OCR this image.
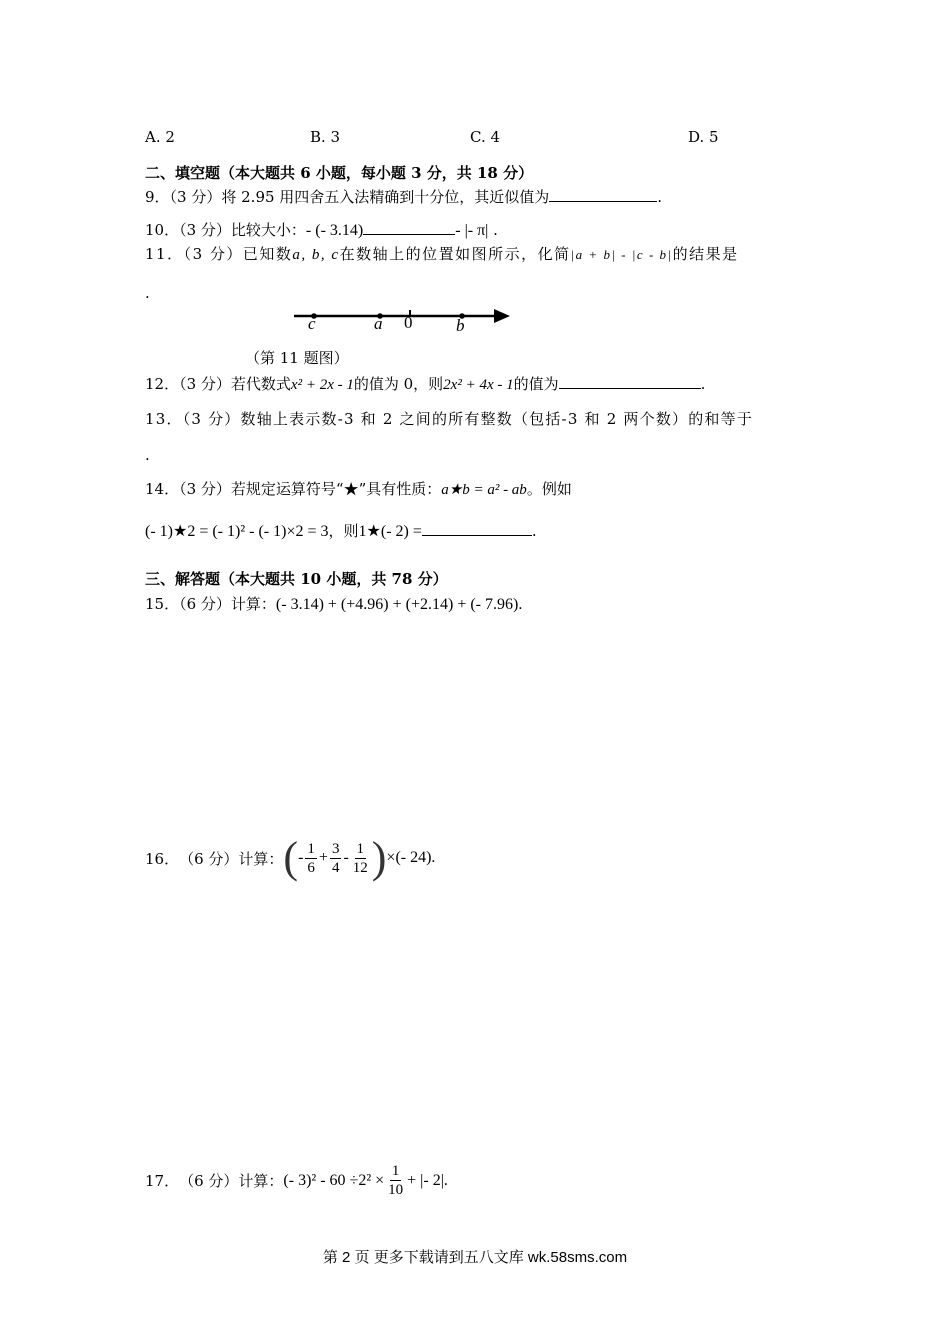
A. 2	B. 3	C. 4	D. 5
二、填空题（本大题共 6 小题，每小题 3 分，共 18 分）
9．（3 分）将 2.95 用四舍五入法精确到十分位，其近似值为	.
10．（3 分）比较大小：- (- 3.14)	- |- π| .
11．（3 分）已知数a, b, c在数轴上的位置如图所示，化简|a + b| - |c - b|的结果是
.
c	a 0	b
（第 11 题图）
12．（3 分）若代数式x² + 2x - 1的值为 0，则2x² + 4x - 1的值为	.
13．（3 分）数轴上表示数-3 和 2 之间的所有整数（包括-3 和 2 两个数）的和等于
.
14．（3 分）若规定运算符号“★”具有性质：a★b = a² - ab。例如
(- 1)★2 = (- 1)² - (- 1)×2 = 3，则1★(- 2) =	.
三、解答题（本大题共 10 小题，共 78 分）
15．（6 分）计算：(- 3.14) + (+4.96) + (+2.14) + (- 7.96).
16． （6 分） 计算： ( - $\frac{1}{6} + \frac{3}{4} - \frac{1}{12}$ ) ×(- 24).
17． （6 分） 计算： (- $3)^2 - 60 \div 2^2 \times \frac{1}{10}$ + |- 2|.
第 2 页 更多下载请到五八文库 wk.58sms.com
